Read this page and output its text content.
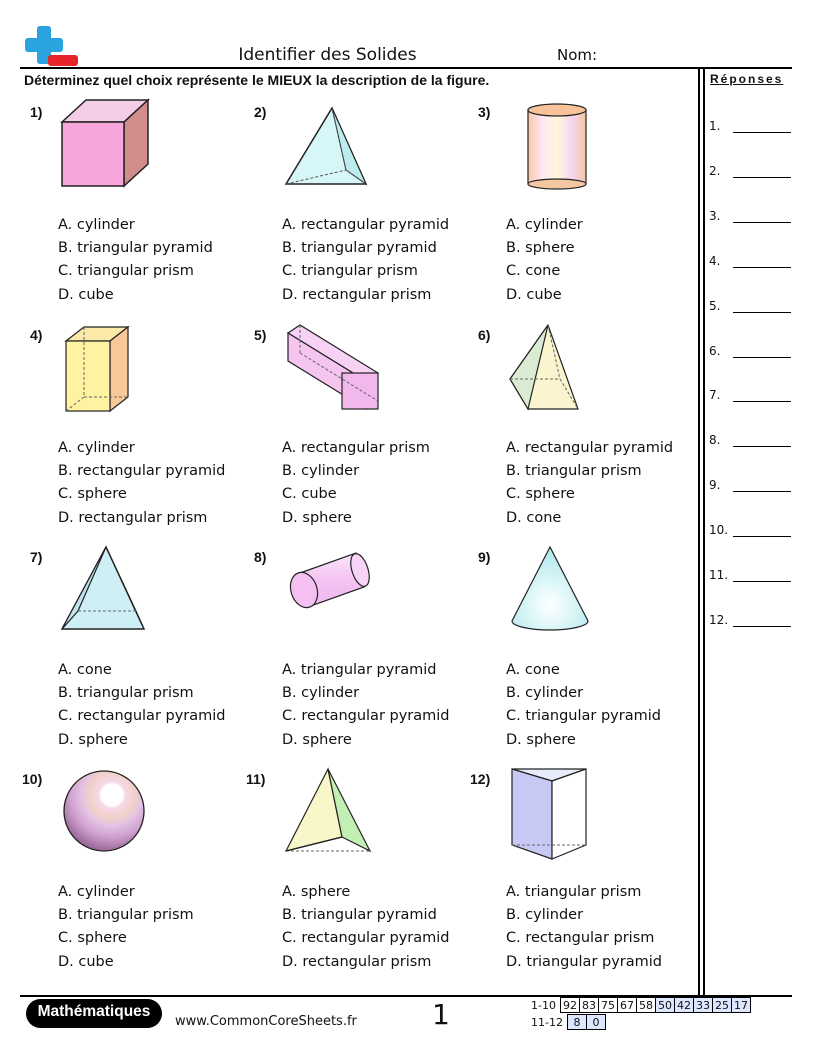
Identifier des Solides	Nom:
Déterminez quel choix représente le MIEUX la description de la figure.	Réponses
1.
2.
3.
4.
5.
6.
7.
8.
9.
10.
11.
12.
1)
A. cylinder
B. triangular pyramid
C. triangular prism
D. cube
2)
A. rectangular pyramid
B. triangular pyramid
C. triangular prism
D. rectangular prism
3)
A. cylinder
B. sphere
C. cone
D. cube
4)
A. cylinder
B. rectangular pyramid
C. sphere
D. rectangular prism
5)
A. rectangular prism
B. cylinder
C. cube
D. sphere
6)
A. rectangular pyramid
B. triangular prism
C. sphere
D. cone
7)
A. cone
B. triangular prism
C. rectangular pyramid
D. sphere
8)
A. triangular pyramid
B. cylinder
C. rectangular pyramid
D. sphere
9)
A. cone
B. cylinder
C. triangular pyramid
D. sphere
10)
A. cylinder
B. triangular prism
C. sphere
D. cube
11)
A. sphere
B. triangular pyramid
C. rectangular pyramid
D. rectangular prism
12)
A. triangular prism
B. cylinder
C. rectangular prism
D. triangular pyramid
Mathématiques
www.CommonCoreSheets.fr	1	1-10	92	83	75	67	58	50	42	33	25	17
11-12	8	0
